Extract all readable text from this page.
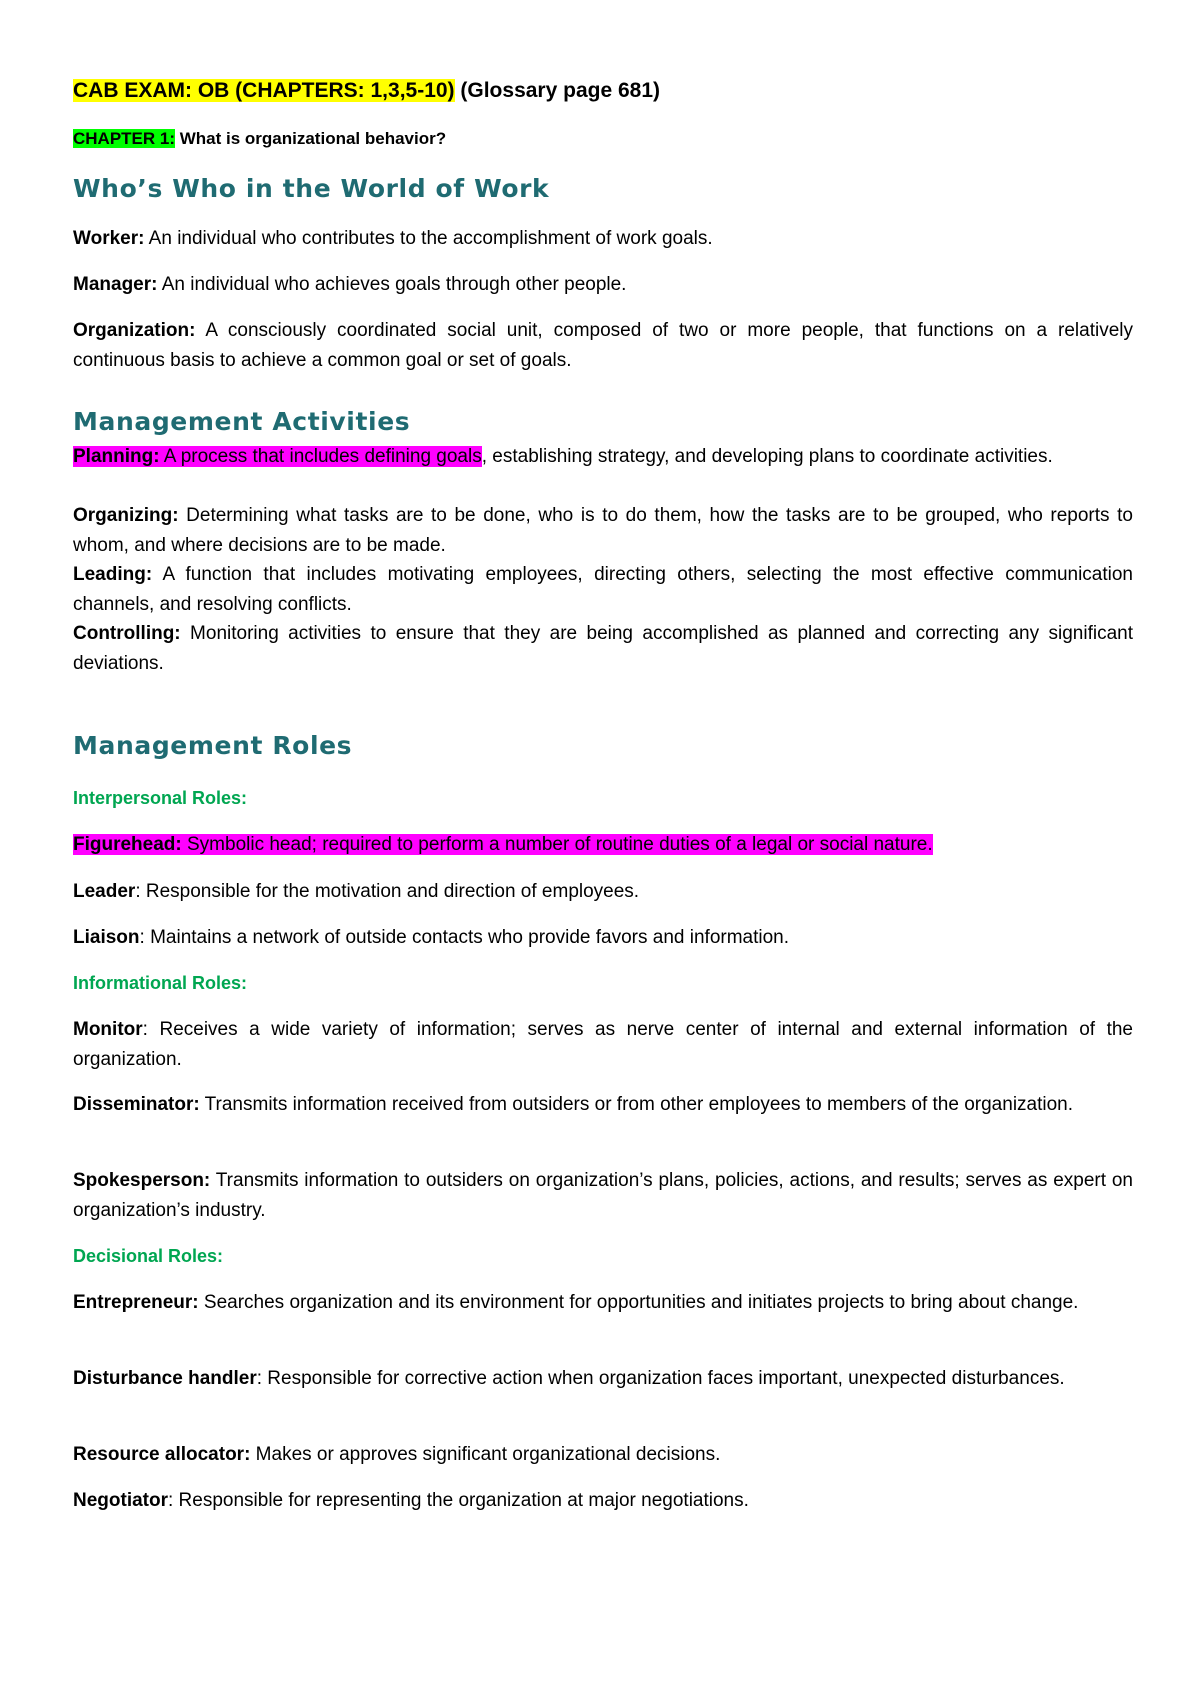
CAB EXAM: OB (CHAPTERS: 1,3,5-10) (Glossary page 681)
CHAPTER 1: What is organizational behavior?
Who’s Who in the World of Work
Worker: An individual who contributes to the accomplishment of work goals.
Manager: An individual who achieves goals through other people.
Organization: A consciously coordinated social unit, composed of two or more people, that functions on a relatively continuous basis to achieve a common goal or set of goals.
Management Activities
Planning: A process that includes defining goals, establishing strategy, and developing plans to coordinate activities.
Organizing: Determining what tasks are to be done, who is to do them, how the tasks are to be grouped, who reports to whom, and where decisions are to be made.
Leading: A function that includes motivating employees, directing others, selecting the most effective communication channels, and resolving conflicts.
Controlling: Monitoring activities to ensure that they are being accomplished as planned and correcting any significant deviations.
Management Roles
Interpersonal Roles:
Figurehead: Symbolic head; required to perform a number of routine duties of a legal or social nature.
Leader: Responsible for the motivation and direction of employees.
Liaison: Maintains a network of outside contacts who provide favors and information.
Informational Roles:
Monitor: Receives a wide variety of information; serves as nerve center of internal and external information of the organization.
Disseminator: Transmits information received from outsiders or from other employees to members of the organization.
Spokesperson: Transmits information to outsiders on organization’s plans, policies, actions, and results; serves as expert on organization’s industry.
Decisional Roles:
Entrepreneur: Searches organization and its environment for opportunities and initiates projects to bring about change.
Disturbance handler: Responsible for corrective action when organization faces important, unexpected disturbances.
Resource allocator: Makes or approves significant organizational decisions.
Negotiator: Responsible for representing the organization at major negotiations.
